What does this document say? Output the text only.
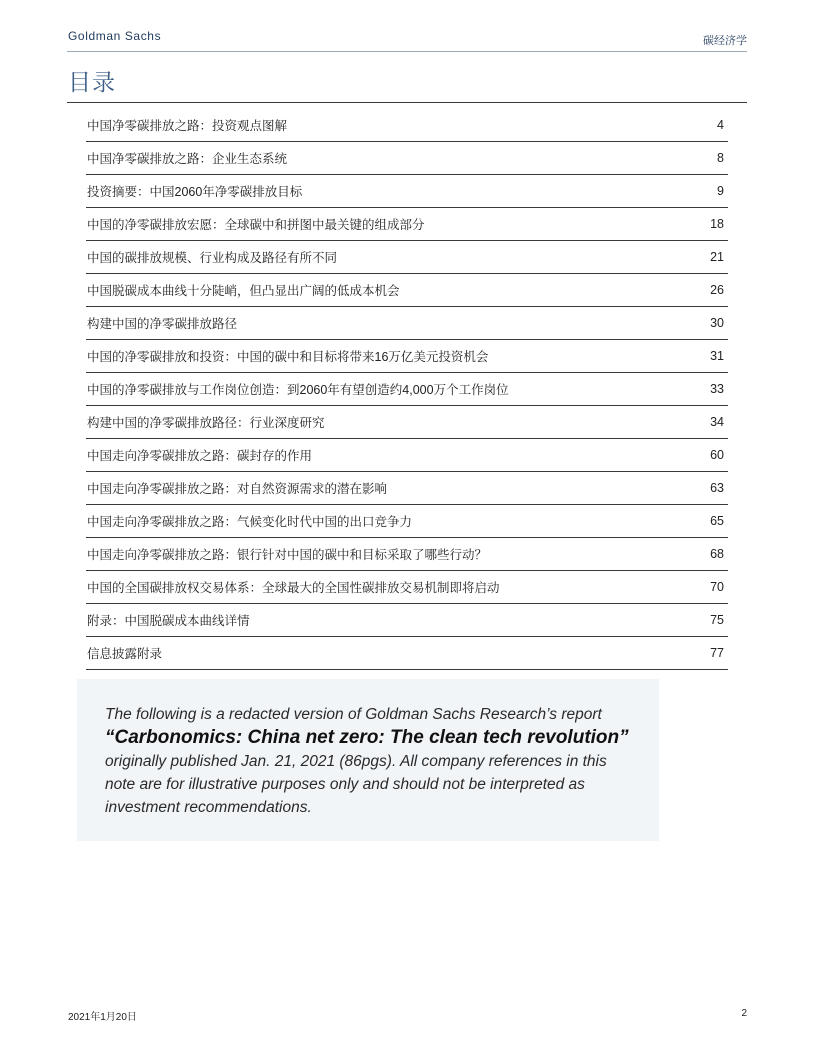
Goldman Sachs	碳经济学
目录
中国净零碳排放之路：投资观点图解	4
中国净零碳排放之路：企业生态系统	8
投资摘要：中国2060年净零碳排放目标	9
中国的净零碳排放宏愿：全球碳中和拼图中最关键的组成部分	18
中国的碳排放规模、行业构成及路径有所不同	21
中国脱碳成本曲线十分陡峭，但凸显出广阔的低成本机会	26
构建中国的净零碳排放路径	30
中国的净零碳排放和投资：中国的碳中和目标将带来16万亿美元投资机会	31
中国的净零碳排放与工作岗位创造：到2060年有望创造约4,000万个工作岗位	33
构建中国的净零碳排放路径：行业深度研究	34
中国走向净零碳排放之路：碳封存的作用	60
中国走向净零碳排放之路：对自然资源需求的潜在影响	63
中国走向净零碳排放之路：气候变化时代中国的出口竞争力	65
中国走向净零碳排放之路：银行针对中国的碳中和目标采取了哪些行动？	68
中国的全国碳排放权交易体系：全球最大的全国性碳排放交易机制即将启动	70
附录：中国脱碳成本曲线详情	75
信息披露附录	77
The following is a redacted version of Goldman Sachs Research’s report “Carbonomics: China net zero: The clean tech revolution” originally published Jan. 21, 2021 (86pgs). All company references in this note are for illustrative purposes only and should not be interpreted as investment recommendations.
2021年1月20日	2
